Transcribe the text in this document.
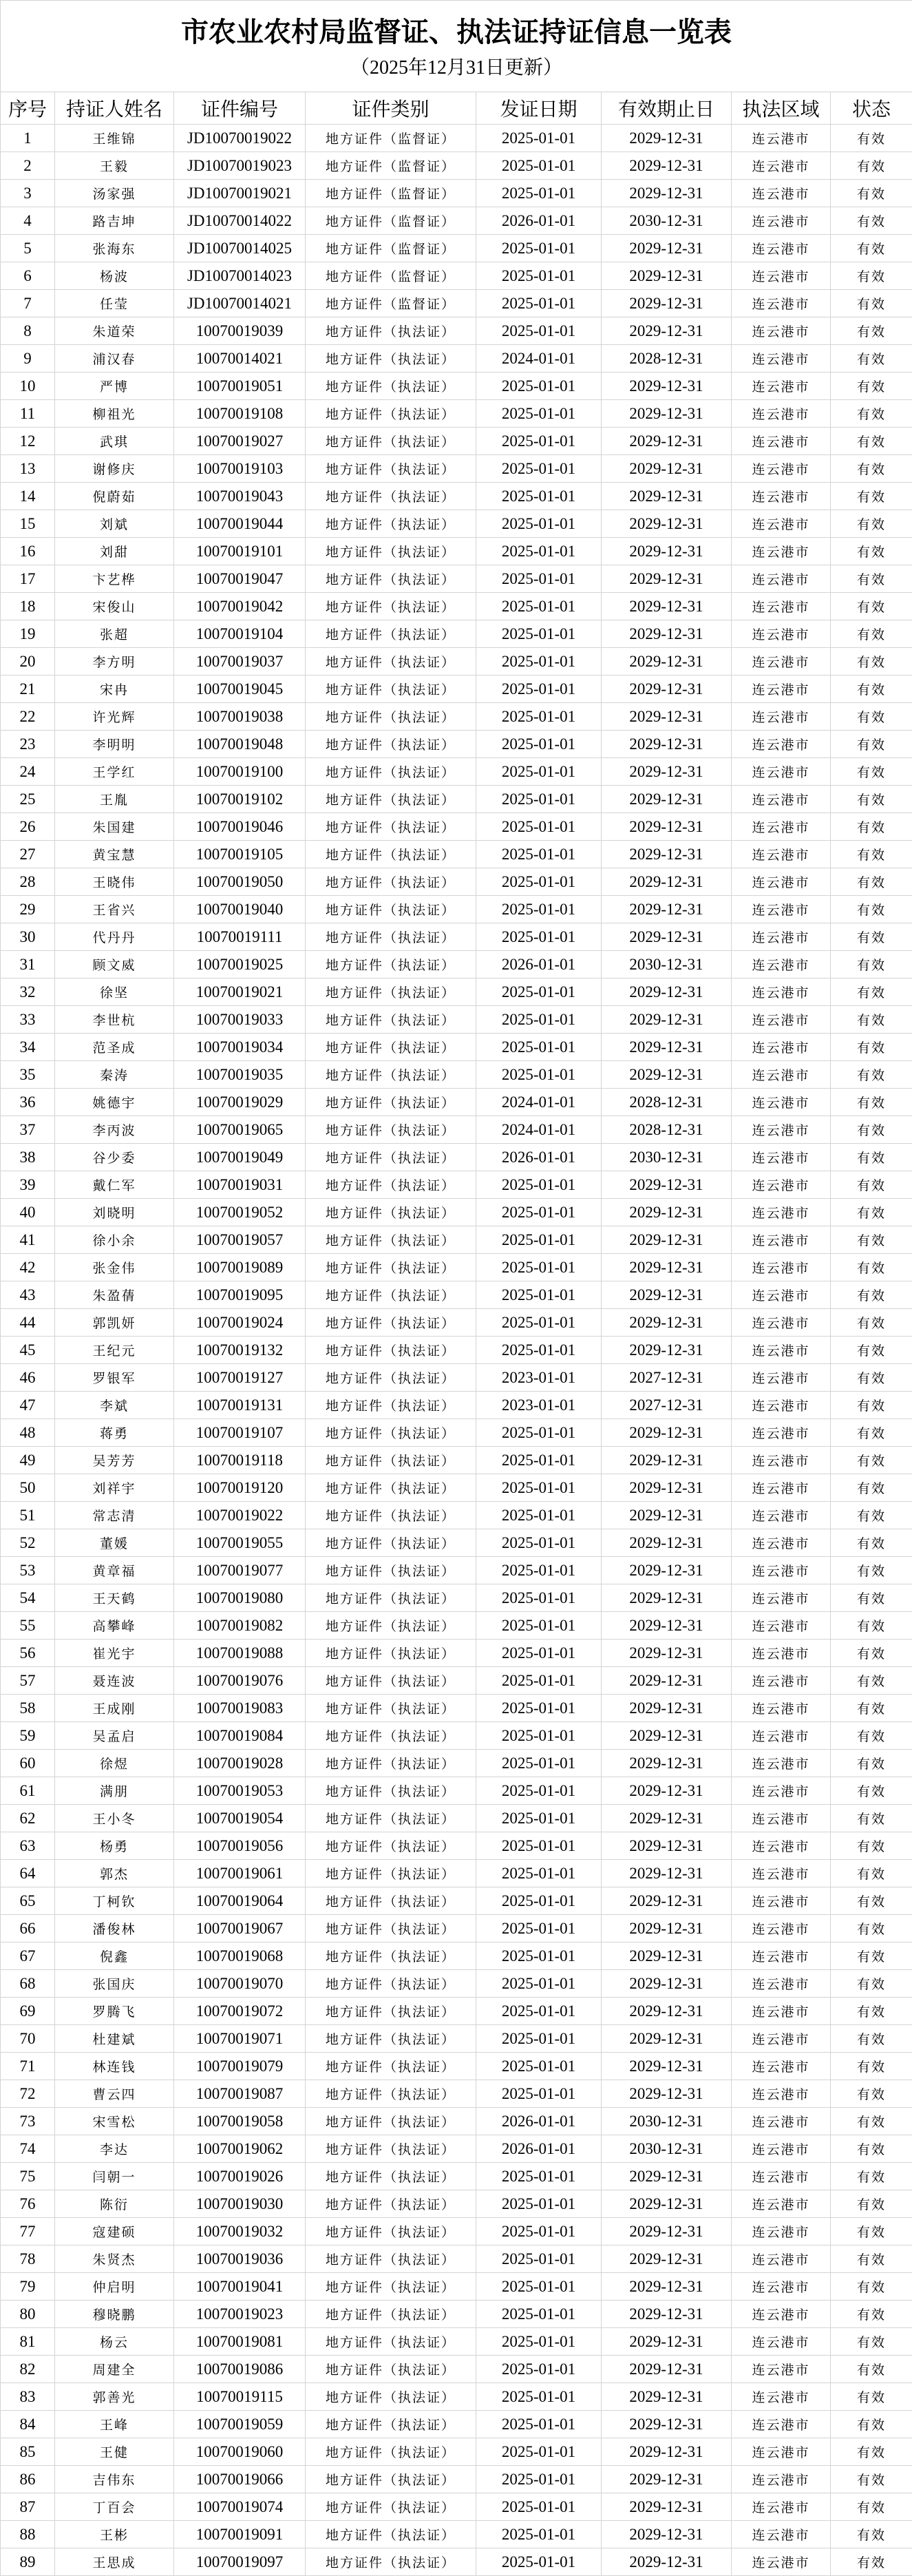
市农业农村局监督证、执法证持证信息一览表
（2025年12月31日更新）							

序号	持证人姓名	证件编号	证件类别	发证日期	有效期止日	执法区域	状态
1	王维锦	JD10070019022	地方证件（监督证）	2025-01-01	2029-12-31	连云港市	有效
2	王毅	JD10070019023	地方证件（监督证）	2025-01-01	2029-12-31	连云港市	有效
3	汤家强	JD10070019021	地方证件（监督证）	2025-01-01	2029-12-31	连云港市	有效
4	路吉坤	JD10070014022	地方证件（监督证）	2026-01-01	2030-12-31	连云港市	有效
5	张海东	JD10070014025	地方证件（监督证）	2025-01-01	2029-12-31	连云港市	有效
6	杨波	JD10070014023	地方证件（监督证）	2025-01-01	2029-12-31	连云港市	有效
7	任莹	JD10070014021	地方证件（监督证）	2025-01-01	2029-12-31	连云港市	有效
8	朱道荣	10070019039	地方证件（执法证）	2025-01-01	2029-12-31	连云港市	有效
9	浦汉春	10070014021	地方证件（执法证）	2024-01-01	2028-12-31	连云港市	有效
10	严博	10070019051	地方证件（执法证）	2025-01-01	2029-12-31	连云港市	有效
11	柳祖光	10070019108	地方证件（执法证）	2025-01-01	2029-12-31	连云港市	有效
12	武琪	10070019027	地方证件（执法证）	2025-01-01	2029-12-31	连云港市	有效
13	谢修庆	10070019103	地方证件（执法证）	2025-01-01	2029-12-31	连云港市	有效
14	倪蔚茹	10070019043	地方证件（执法证）	2025-01-01	2029-12-31	连云港市	有效
15	刘斌	10070019044	地方证件（执法证）	2025-01-01	2029-12-31	连云港市	有效
16	刘甜	10070019101	地方证件（执法证）	2025-01-01	2029-12-31	连云港市	有效
17	卞艺桦	10070019047	地方证件（执法证）	2025-01-01	2029-12-31	连云港市	有效
18	宋俊山	10070019042	地方证件（执法证）	2025-01-01	2029-12-31	连云港市	有效
19	张超	10070019104	地方证件（执法证）	2025-01-01	2029-12-31	连云港市	有效
20	李方明	10070019037	地方证件（执法证）	2025-01-01	2029-12-31	连云港市	有效
21	宋冉	10070019045	地方证件（执法证）	2025-01-01	2029-12-31	连云港市	有效
22	许光辉	10070019038	地方证件（执法证）	2025-01-01	2029-12-31	连云港市	有效
23	李明明	10070019048	地方证件（执法证）	2025-01-01	2029-12-31	连云港市	有效
24	王学红	10070019100	地方证件（执法证）	2025-01-01	2029-12-31	连云港市	有效
25	王胤	10070019102	地方证件（执法证）	2025-01-01	2029-12-31	连云港市	有效
26	朱国建	10070019046	地方证件（执法证）	2025-01-01	2029-12-31	连云港市	有效
27	黄宝慧	10070019105	地方证件（执法证）	2025-01-01	2029-12-31	连云港市	有效
28	王晓伟	10070019050	地方证件（执法证）	2025-01-01	2029-12-31	连云港市	有效
29	王省兴	10070019040	地方证件（执法证）	2025-01-01	2029-12-31	连云港市	有效
30	代丹丹	10070019111	地方证件（执法证）	2025-01-01	2029-12-31	连云港市	有效
31	顾文威	10070019025	地方证件（执法证）	2026-01-01	2030-12-31	连云港市	有效
32	徐坚	10070019021	地方证件（执法证）	2025-01-01	2029-12-31	连云港市	有效
33	李世杭	10070019033	地方证件（执法证）	2025-01-01	2029-12-31	连云港市	有效
34	范圣成	10070019034	地方证件（执法证）	2025-01-01	2029-12-31	连云港市	有效
35	秦涛	10070019035	地方证件（执法证）	2025-01-01	2029-12-31	连云港市	有效
36	姚德宇	10070019029	地方证件（执法证）	2024-01-01	2028-12-31	连云港市	有效
37	李丙波	10070019065	地方证件（执法证）	2024-01-01	2028-12-31	连云港市	有效
38	谷少委	10070019049	地方证件（执法证）	2026-01-01	2030-12-31	连云港市	有效
39	戴仁军	10070019031	地方证件（执法证）	2025-01-01	2029-12-31	连云港市	有效
40	刘晓明	10070019052	地方证件（执法证）	2025-01-01	2029-12-31	连云港市	有效
41	徐小余	10070019057	地方证件（执法证）	2025-01-01	2029-12-31	连云港市	有效
42	张金伟	10070019089	地方证件（执法证）	2025-01-01	2029-12-31	连云港市	有效
43	朱盈蒨	10070019095	地方证件（执法证）	2025-01-01	2029-12-31	连云港市	有效
44	郭凯妍	10070019024	地方证件（执法证）	2025-01-01	2029-12-31	连云港市	有效
45	王纪元	10070019132	地方证件（执法证）	2025-01-01	2029-12-31	连云港市	有效
46	罗银军	10070019127	地方证件（执法证）	2023-01-01	2027-12-31	连云港市	有效
47	李斌	10070019131	地方证件（执法证）	2023-01-01	2027-12-31	连云港市	有效
48	蒋勇	10070019107	地方证件（执法证）	2025-01-01	2029-12-31	连云港市	有效
49	吴芳芳	10070019118	地方证件（执法证）	2025-01-01	2029-12-31	连云港市	有效
50	刘祥宇	10070019120	地方证件（执法证）	2025-01-01	2029-12-31	连云港市	有效
51	常志清	10070019022	地方证件（执法证）	2025-01-01	2029-12-31	连云港市	有效
52	董媛	10070019055	地方证件（执法证）	2025-01-01	2029-12-31	连云港市	有效
53	黄章福	10070019077	地方证件（执法证）	2025-01-01	2029-12-31	连云港市	有效
54	王天鹤	10070019080	地方证件（执法证）	2025-01-01	2029-12-31	连云港市	有效
55	高攀峰	10070019082	地方证件（执法证）	2025-01-01	2029-12-31	连云港市	有效
56	崔光宇	10070019088	地方证件（执法证）	2025-01-01	2029-12-31	连云港市	有效
57	聂连波	10070019076	地方证件（执法证）	2025-01-01	2029-12-31	连云港市	有效
58	王成刚	10070019083	地方证件（执法证）	2025-01-01	2029-12-31	连云港市	有效
59	吴孟启	10070019084	地方证件（执法证）	2025-01-01	2029-12-31	连云港市	有效
60	徐煜	10070019028	地方证件（执法证）	2025-01-01	2029-12-31	连云港市	有效
61	满朋	10070019053	地方证件（执法证）	2025-01-01	2029-12-31	连云港市	有效
62	王小冬	10070019054	地方证件（执法证）	2025-01-01	2029-12-31	连云港市	有效
63	杨勇	10070019056	地方证件（执法证）	2025-01-01	2029-12-31	连云港市	有效
64	郭杰	10070019061	地方证件（执法证）	2025-01-01	2029-12-31	连云港市	有效
65	丁柯钦	10070019064	地方证件（执法证）	2025-01-01	2029-12-31	连云港市	有效
66	潘俊林	10070019067	地方证件（执法证）	2025-01-01	2029-12-31	连云港市	有效
67	倪鑫	10070019068	地方证件（执法证）	2025-01-01	2029-12-31	连云港市	有效
68	张国庆	10070019070	地方证件（执法证）	2025-01-01	2029-12-31	连云港市	有效
69	罗腾飞	10070019072	地方证件（执法证）	2025-01-01	2029-12-31	连云港市	有效
70	杜建斌	10070019071	地方证件（执法证）	2025-01-01	2029-12-31	连云港市	有效
71	林连钱	10070019079	地方证件（执法证）	2025-01-01	2029-12-31	连云港市	有效
72	曹云四	10070019087	地方证件（执法证）	2025-01-01	2029-12-31	连云港市	有效
73	宋雪松	10070019058	地方证件（执法证）	2026-01-01	2030-12-31	连云港市	有效
74	李达	10070019062	地方证件（执法证）	2026-01-01	2030-12-31	连云港市	有效
75	闫朝一	10070019026	地方证件（执法证）	2025-01-01	2029-12-31	连云港市	有效
76	陈衍	10070019030	地方证件（执法证）	2025-01-01	2029-12-31	连云港市	有效
77	寇建硕	10070019032	地方证件（执法证）	2025-01-01	2029-12-31	连云港市	有效
78	朱贤杰	10070019036	地方证件（执法证）	2025-01-01	2029-12-31	连云港市	有效
79	仲启明	10070019041	地方证件（执法证）	2025-01-01	2029-12-31	连云港市	有效
80	穆晓鹏	10070019023	地方证件（执法证）	2025-01-01	2029-12-31	连云港市	有效
81	杨云	10070019081	地方证件（执法证）	2025-01-01	2029-12-31	连云港市	有效
82	周建全	10070019086	地方证件（执法证）	2025-01-01	2029-12-31	连云港市	有效
83	郭善光	10070019115	地方证件（执法证）	2025-01-01	2029-12-31	连云港市	有效
84	王峰	10070019059	地方证件（执法证）	2025-01-01	2029-12-31	连云港市	有效
85	王健	10070019060	地方证件（执法证）	2025-01-01	2029-12-31	连云港市	有效
86	吉伟东	10070019066	地方证件（执法证）	2025-01-01	2029-12-31	连云港市	有效
87	丁百会	10070019074	地方证件（执法证）	2025-01-01	2029-12-31	连云港市	有效
88	王彬	10070019091	地方证件（执法证）	2025-01-01	2029-12-31	连云港市	有效
89	王思成	10070019097	地方证件（执法证）	2025-01-01	2029-12-31	连云港市	有效
